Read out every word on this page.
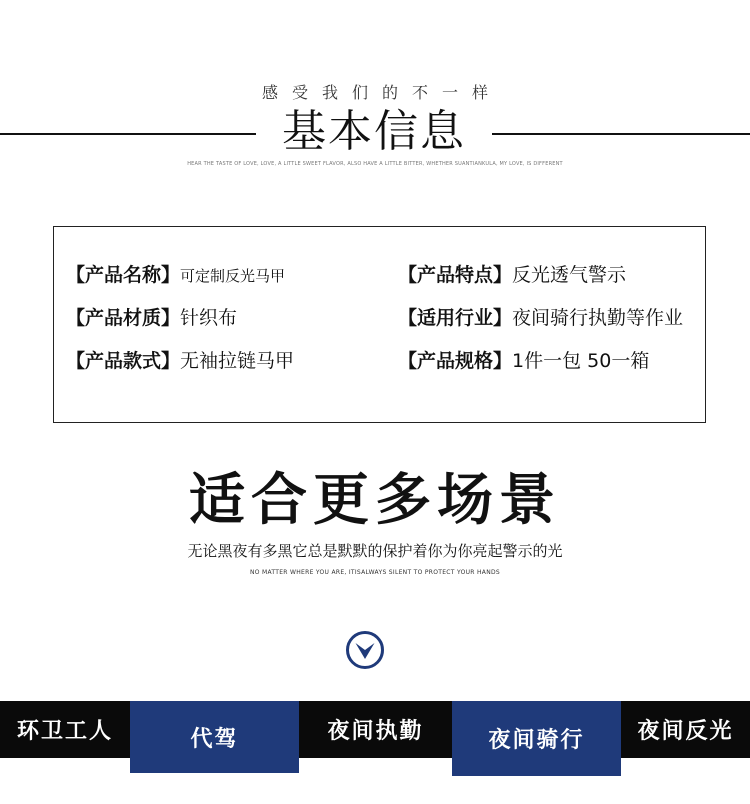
感受我们的不一样
基本信息
HEAR THE TASTE OF LOVE, LOVE, A LITTLE SWEET FLAVOR, ALSO HAVE A LITTLE BITTER, WHETHER SUANTIANKULA, MY LOVE, IS DIFFERENT
【产品名称】可定制反光马甲	【产品特点】反光透气警示
【产品材质】针织布	【适用行业】夜间骑行执勤等作业
【产品款式】无袖拉链马甲	【产品规格】1件一包 50一箱
适合更多场景
无论黑夜有多黑它总是默默的保护着你为你亮起警示的光
NO MATTER WHERE YOU ARE, ITISALWAYS SILENT TO PROTECT YOUR HANDS
环卫工人	代驾	夜间执勤	夜间骑行	夜间反光
